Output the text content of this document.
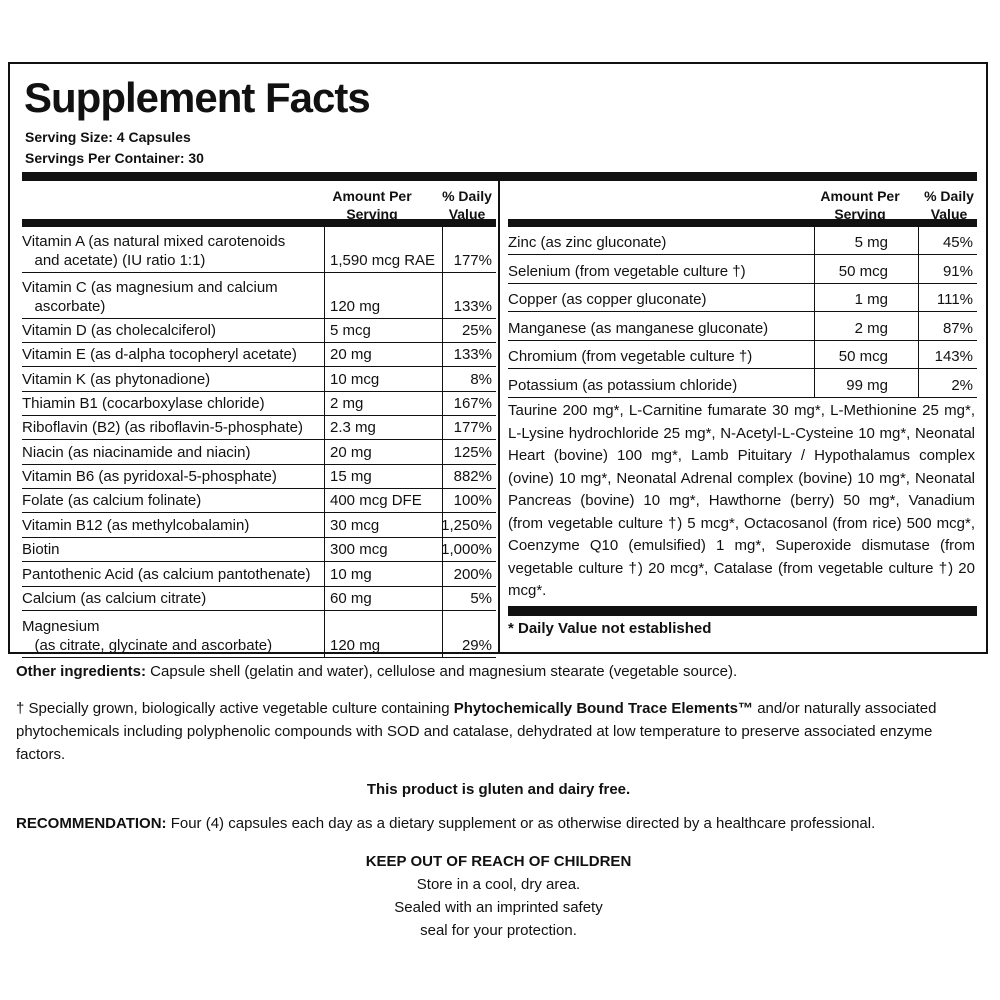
Supplement Facts
Serving Size: 4 Capsules
Servings Per Container: 30
Amount Per
Serving
% Daily
Value
Vitamin A (as natural mixed carotenoids
and acetate) (IU ratio 1:1)	1,590 mcg RAE 177%
Vitamin C (as magnesium and calcium
ascorbate)	120 mg	133%
Vitamin D (as cholecalciferol)	5 mcg	25%
Vitamin E (as d-alpha tocopheryl acetate) 20 mg	133%
Vitamin K (as phytonadione)	10 mcg	8%
Thiamin B1 (cocarboxylase chloride)	2 mg	167%
Riboflavin (B2) (as riboflavin-5-phosphate) 2.3 mg	177%
Niacin (as niacinamide and niacin)	20 mg	125%
Vitamin B6 (as pyridoxal-5-phosphate)	15 mg	882%
Folate (as calcium folinate)	400 mcg DFE 100%
Vitamin B12 (as methylcobalamin)	30 mcg	1,250%
Biotin	300 mcg	1,000%
Pantothenic Acid (as calcium pantothenate) 10 mg	200%
Calcium (as calcium citrate)	60 mg	5%
Magnesium
(as citrate, glycinate and ascorbate)	120 mg	29%
Amount Per
Serving
% Daily
Value
Zinc (as zinc gluconate)	5 mg	45%
Selenium (from vegetable culture †)	50 mcg	91%
Copper (as copper gluconate)	1 mg	111%
Manganese (as manganese gluconate)	2 mg	87%
Chromium (from vegetable culture †)	50 mcg	143%
Potassium (as potassium chloride)	99 mg	2%
Taurine 200 mg*, L-Carnitine fumarate 30 mg*, L-Methionine 25 mg*, L-Lysine hydrochloride 25 mg*, N-Acetyl-L-Cysteine 10 mg*, Neonatal Heart (bovine) 100 mg*, Lamb Pituitary / Hypothalamus complex (ovine) 10 mg*, Neonatal Adrenal complex (bovine) 10 mg*, Neonatal Pancreas (bovine) 10 mg*, Hawthorne (berry) 50 mg*, Vanadium (from vegetable culture †) 5 mcg*, Octacosanol (from rice) 500 mcg*, Coenzyme Q10 (emulsified) 1 mg*, Superoxide dismutase (from vegetable culture †) 20 mcg*, Catalase (from vegetable culture †) 20 mcg*.
* Daily Value not established
Other ingredients: Capsule shell (gelatin and water), cellulose and magnesium stearate (vegetable source).
† Specially grown, biologically active vegetable culture containing Phytochemically Bound Trace Elements™ and/or naturally associated phytochemicals including polyphenolic compounds with SOD and catalase, dehydrated at low temperature to preserve associated enzyme factors.
This product is gluten and dairy free.
RECOMMENDATION: Four (4) capsules each day as a dietary supplement or as otherwise directed by a healthcare professional.
KEEP OUT OF REACH OF CHILDREN
Store in a cool, dry area.
Sealed with an imprinted safety
seal for your protection.
